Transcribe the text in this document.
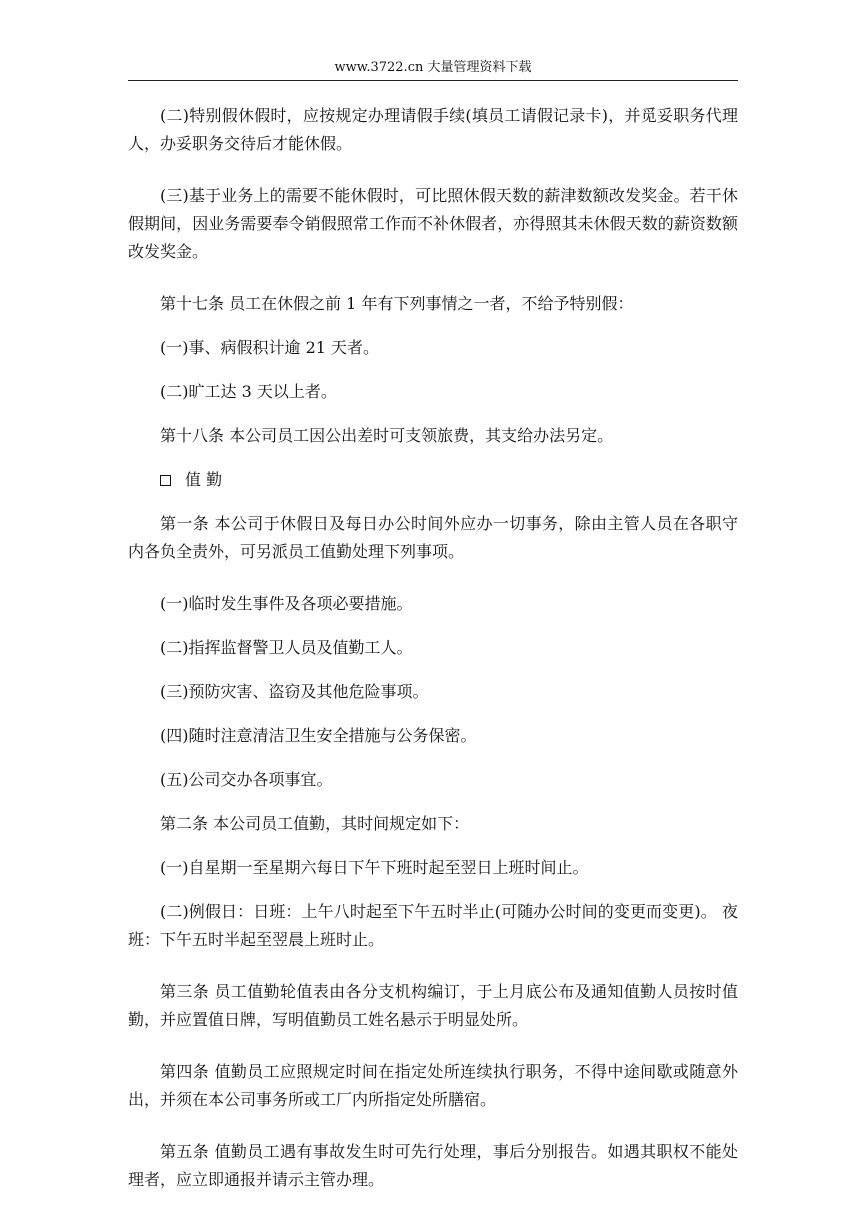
www.3722.cn 大量管理资料下载

(二)特别假休假时，应按规定办理请假手续(填员工请假记录卡)，并觅妥职务代理人，办妥职务交待后才能休假。

(三)基于业务上的需要不能休假时，可比照休假天数的薪津数额改发奖金。若干休假期间，因业务需要奉令销假照常工作而不补休假者，亦得照其未休假天数的薪资数额改发奖金。

第十七条 员工在休假之前 1 年有下列事情之一者，不给予特别假：

(一)事、病假积计逾 21 天者。

(二)旷工达 3 天以上者。

第十八条 本公司员工因公出差时可支领旅费，其支给办法另定。

值 勤

第一条 本公司于休假日及每日办公时间外应办一切事务，除由主管人员在各职守内各负全责外，可另派员工值勤处理下列事项。

(一)临时发生事件及各项必要措施。

(二)指挥监督警卫人员及值勤工人。

(三)预防灾害、盗窃及其他危险事项。

(四)随时注意清洁卫生安全措施与公务保密。

(五)公司交办各项事宜。

第二条 本公司员工值勤，其时间规定如下：

(一)自星期一至星期六每日下午下班时起至翌日上班时间止。

(二)例假日：日班：上午八时起至下午五时半止(可随办公时间的变更而变更)。 夜班：下午五时半起至翌晨上班时止。

第三条 员工值勤轮值表由各分支机构编订，于上月底公布及通知值勤人员按时值勤，并应置值日牌，写明值勤员工姓名悬示于明显处所。

第四条 值勤员工应照规定时间在指定处所连续执行职务，不得中途间歇或随意外出，并须在本公司事务所或工厂内所指定处所膳宿。

第五条 值勤员工遇有事故发生时可先行处理，事后分别报告。如遇其职权不能处理者，应立即通报并请示主管办理。
